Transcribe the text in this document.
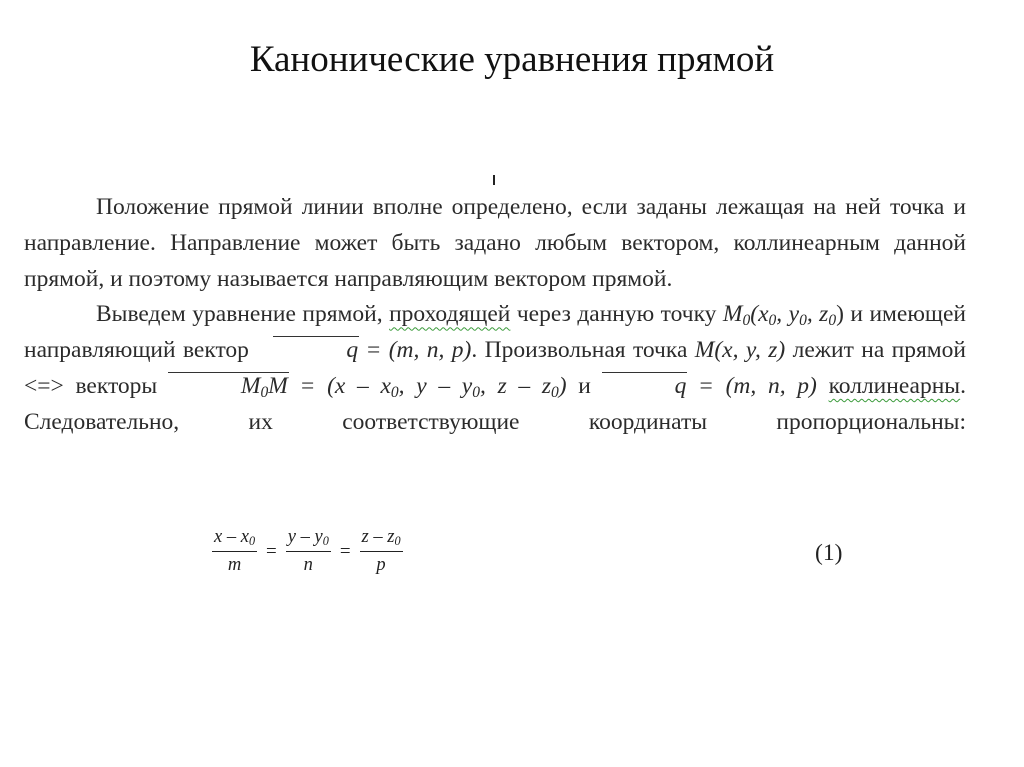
Канонические уравнения прямой

Положение прямой линии вполне определено, если заданы лежащая на ней точка и направление. Направление может быть задано любым вектором, коллинеарным данной прямой, и поэтому называется направляющим вектором прямой.

Выведем уравнение прямой, проходящей через данную точку $M_0(x_0$, $y_0$, $z_0$) и имеющей направляющий вектор	q = (m, n, p). Произвольная точка M(x, y, z) лежит на прямой <=> векторы	$M_0M = (x - x_0$, y – $y_0$, z – $z_0$) и	q = (m, n, p) коллинеарны. Следовательно, их соответствующие координаты пропорциональны:

$\frac{x - x_0}{m} = \frac{y - y_0}{n} = \frac{z - z_0}{p}$	(1)
